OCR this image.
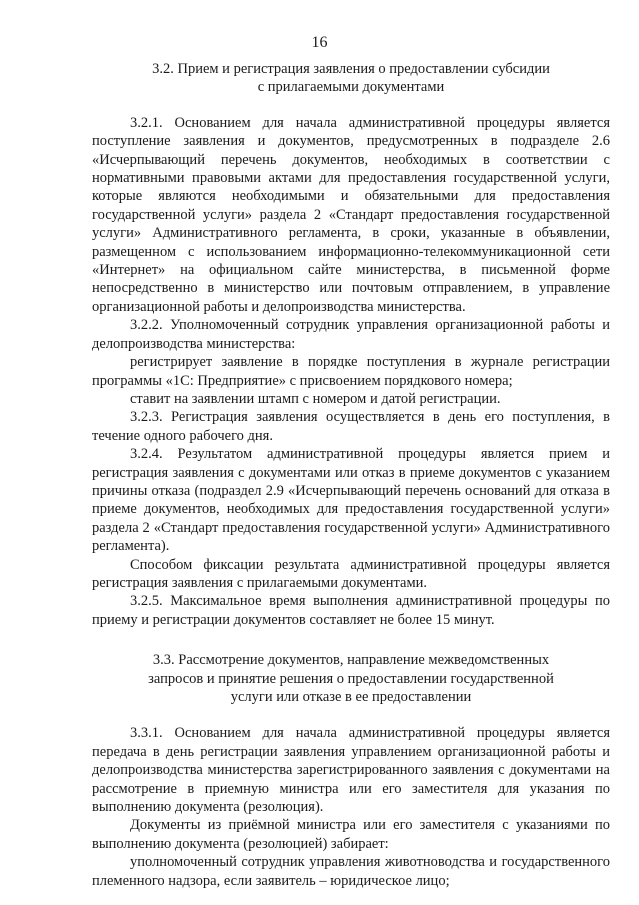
16
3.2. Прием и регистрация заявления о предоставлении субсидии
с прилагаемыми документами

3.2.1. Основанием для начала административной процедуры является поступление заявления и документов, предусмотренных в подразделе 2.6 «Исчерпывающий перечень документов, необходимых в соответствии с нормативными правовыми актами для предоставления государственной услуги, которые являются необходимыми и обязательными для предоставления государственной услуги» раздела 2 «Стандарт предоставления государственной услуги» Административного регламента, в сроки, указанные в объявлении, размещенном с использованием информационно-телекоммуникационной сети «Интернет» на официальном сайте министерства, в письменной форме непосредственно в министерство или почтовым отправлением, в управление организационной работы и делопроизводства министерства.

3.2.2. Уполномоченный сотрудник управления организационной работы и делопроизводства министерства:

регистрирует заявление в порядке поступления в журнале регистрации программы «1С: Предприятие» с присвоением порядкового номера;

ставит на заявлении штамп с номером и датой регистрации.

3.2.3. Регистрация заявления осуществляется в день его поступления, в течение одного рабочего дня.

3.2.4. Результатом административной процедуры является прием и регистрация заявления с документами или отказ в приеме документов с указанием причины отказа (подраздел 2.9 «Исчерпывающий перечень оснований для отказа в приеме документов, необходимых для предоставления государственной услуги» раздела 2 «Стандарт предоставления государственной услуги» Административного регламента).

Способом фиксации результата административной процедуры является регистрация заявления с прилагаемыми документами.

3.2.5. Максимальное время выполнения административной процедуры по приему и регистрации документов составляет не более 15 минут.

3.3. Рассмотрение документов, направление межведомственных
запросов и принятие решения о предоставлении государственной
услуги или отказе в ее предоставлении

3.3.1. Основанием для начала административной процедуры является передача в день регистрации заявления управлением организационной работы и делопроизводства министерства зарегистрированного заявления с документами на рассмотрение в приемную министра или его заместителя для указания по выполнению документа (резолюция).

Документы из приёмной министра или его заместителя с указаниями по выполнению документа (резолюцией) забирает:

уполномоченный сотрудник управления животноводства и государственного племенного надзора, если заявитель – юридическое лицо;
